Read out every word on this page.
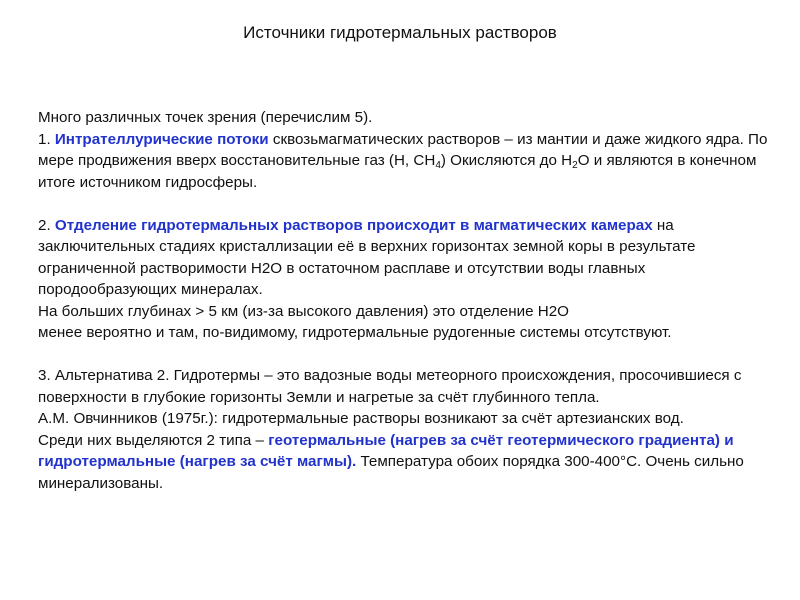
Источники гидротермальных растворов

Много различных точек зрения (перечислим 5).

1. Интрателлурические потоки сквозьмагматических растворов – из мантии и даже жидкого ядра. По мере продвижения вверх восстановительные газ (H, $CH_4$) Окисляются до $H_2O$ и являются в конечном итоге источником гидросферы.

2. Отделение гидротермальных растворов происходит в магматических камерах на заключительных стадиях кристаллизации её в верхних горизонтах земной коры в результате ограниченной растворимости H2O в остаточном расплаве и отсутствии воды главных породообразующих минералах.

На больших глубинах > 5 км (из-за высокого давления) это отделение H2O

менее вероятно и там, по-видимому, гидротермальные рудогенные системы отсутствуют.

3. Альтернатива 2. Гидротермы – это вадозные воды метеорного происхождения, просочившиеся с поверхности в глубокие горизонты Земли и нагретые за счёт глубинного тепла.

А.М. Овчинников (1975г.): гидротермальные растворы возникают за счёт артезианских вод.

Среди них выделяются 2 типа – геотермальные (нагрев за счёт геотермического градиента) и гидротермальные (нагрев за счёт магмы). Температура обоих порядка 300-400°С. Очень сильно минерализованы.
